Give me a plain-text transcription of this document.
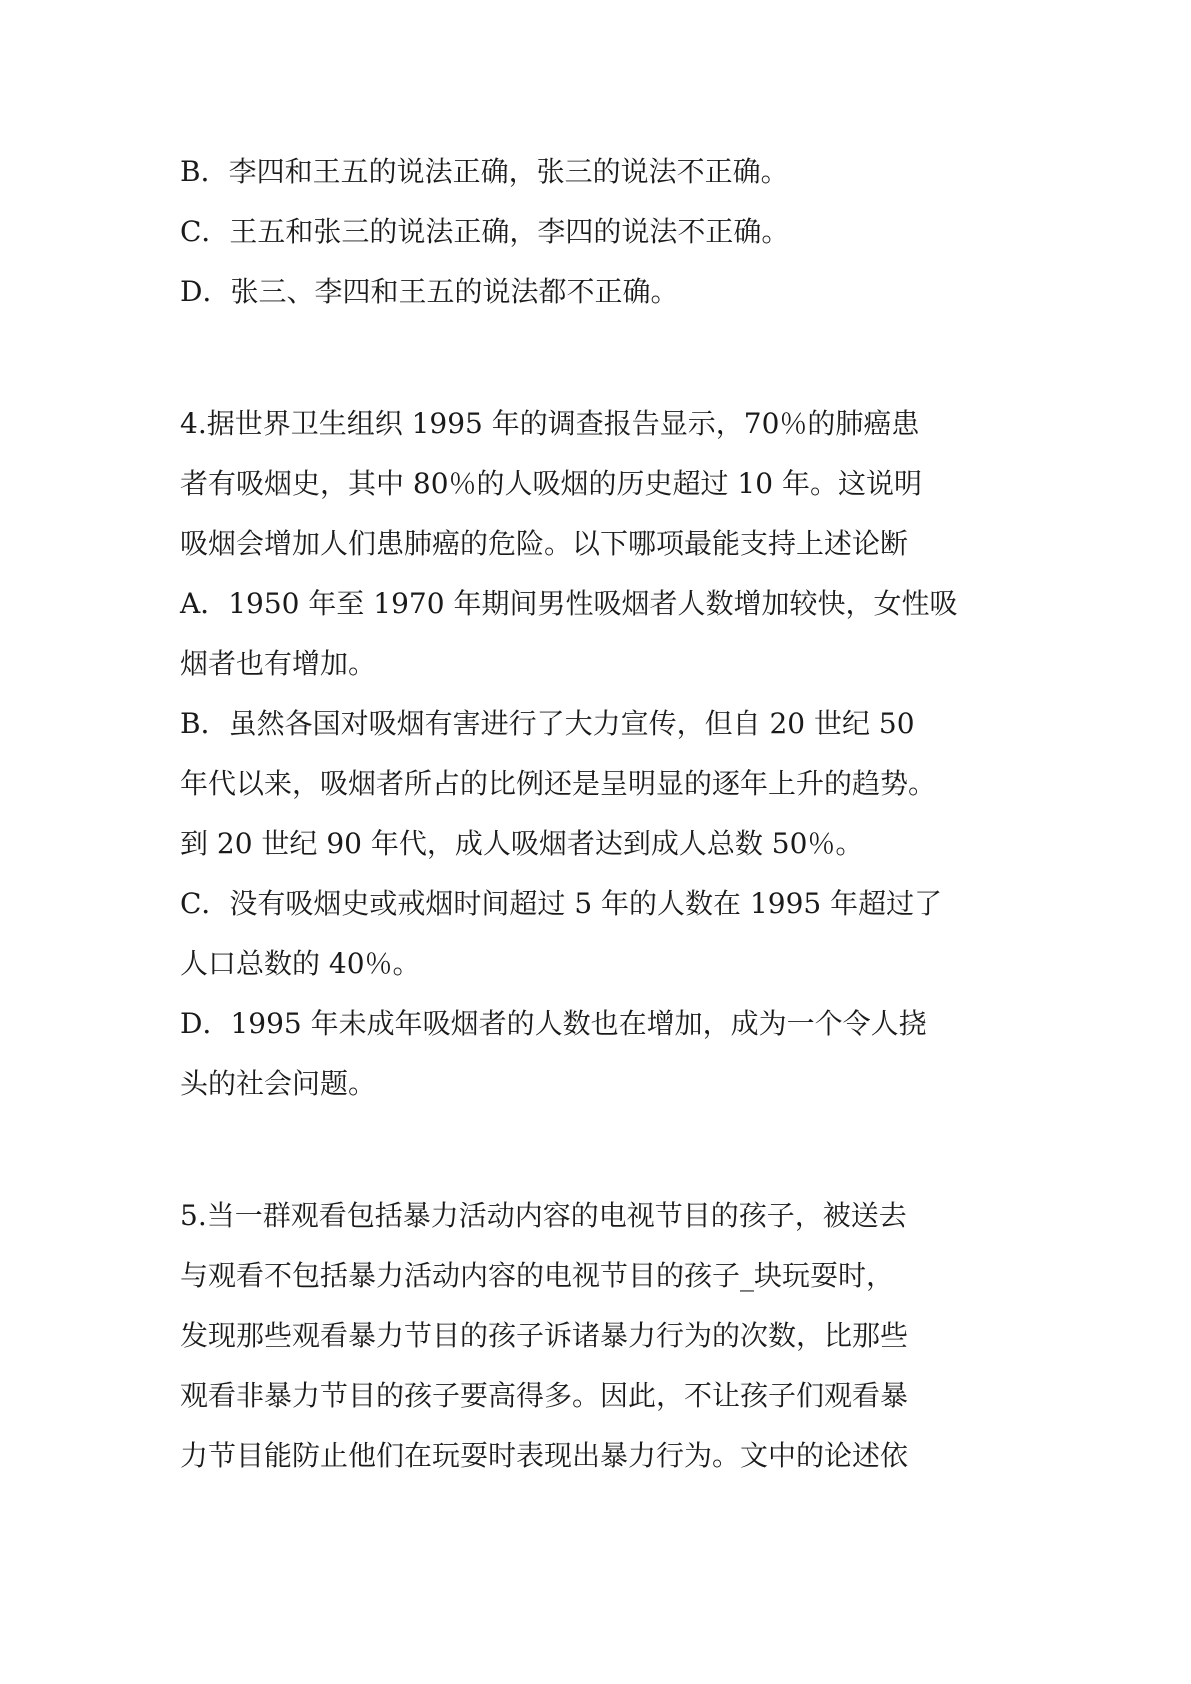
B．李四和王五的说法正确，张三的说法不正确。
C．王五和张三的说法正确，李四的说法不正确。
D．张三、李四和王五的说法都不正确。
4.据世界卫生组织 1995 年的调查报告显示，70％的肺癌患
者有吸烟史，其中 80％的人吸烟的历史超过 10 年。这说明
吸烟会增加人们患肺癌的危险。以下哪项最能支持上述论断
A．1950 年至 1970 年期间男性吸烟者人数增加较快，女性吸
烟者也有增加。
B．虽然各国对吸烟有害进行了大力宣传，但自 20 世纪 50
年代以来，吸烟者所占的比例还是呈明显的逐年上升的趋势。
到 20 世纪 90 年代，成人吸烟者达到成人总数 50％。
C．没有吸烟史或戒烟时间超过 5 年的人数在 1995 年超过了
人口总数的 40％。
D．1995 年未成年吸烟者的人数也在增加，成为一个令人挠
头的社会问题。
5.当一群观看包括暴力活动内容的电视节目的孩子，被送去
与观看不包括暴力活动内容的电视节目的孩子_块玩耍时，
发现那些观看暴力节目的孩子诉诸暴力行为的次数，比那些
观看非暴力节目的孩子要高得多。因此，不让孩子们观看暴
力节目能防止他们在玩耍时表现出暴力行为。文中的论述依
